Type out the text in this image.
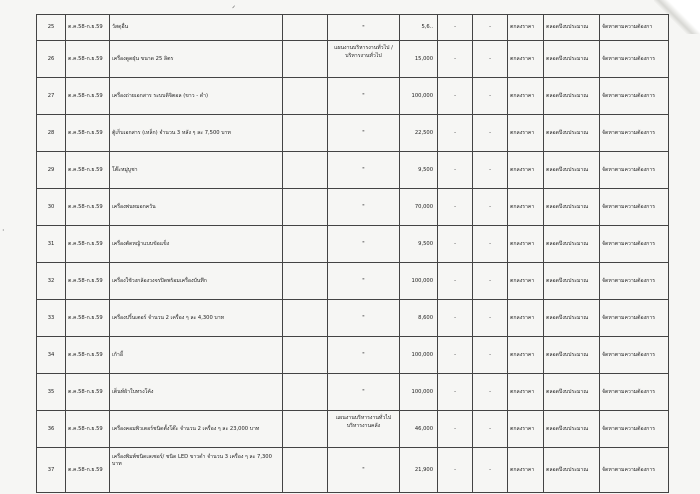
ᐟ
·
25	ต.ค.58-ก.ย.59	วัสดุอื่น		"	5,6..	-	-	ตกลงราคา	ตลอดปีงบประมาณ	จัดหาตามความต้องกา
26	ต.ค.58-ก.ย.59	เครื่องดูดฝุ่น ขนาด 25 ลิตร		แผนงานบริหารงานทั่วไป /บริหารงานทั่วไป	15,000	-	-	ตกลงราคา	ตลอดปีงบประมาณ	จัดหาตามความต้องการ
27	ต.ค.58-ก.ย.59	เครื่องถ่ายเอกสาร ระบบดิจิตอล (ขาว - ดำ)		"	100,000	-	-	ตกลงราคา	ตลอดปีงบประมาณ	จัดหาตามความต้องการ
28	ต.ค.58-ก.ย.59	ตู้เก็บเอกสาร (เหล็ก) จำนวน 3 หลัง ๆ ละ 7,500 บาท		"	22,500	-	-	ตกลงราคา	ตลอดปีงบประมาณ	จัดหาตามความต้องการ
29	ต.ค.58-ก.ย.59	โต๊ะหมู่บูชา		"	9,500	-	-	ตกลงราคา	ตลอดปีงบประมาณ	จัดหาตามความต้องการ
30	ต.ค.58-ก.ย.59	เครื่องพ่นหมอกควัน		"	70,000	-	-	ตกลงราคา	ตลอดปีงบประมาณ	จัดหาตามความต้องการ
31	ต.ค.58-ก.ย.59	เครื่องตัดหญ้าแบบข้อแข็ง		"	9,500	-	-	ตกลงราคา	ตลอดปีงบประมาณ	จัดหาตามความต้องการ
32	ต.ค.58-ก.ย.59	เครื่องใช้วงกล้องวงจรปิดพร้อมเครื่องบันทึก		"	100,000	-	-	ตกลงราคา	ตลอดปีงบประมาณ	จัดหาตามความต้องการ
33	ต.ค.58-ก.ย.59	เครื่องปริ้นเตอร์ จำนวน 2 เครื่อง ๆ ละ 4,300 บาท		"	8,600	-	-	ตกลงราคา	ตลอดปีงบประมาณ	จัดหาตามความต้องการ
34	ต.ค.58-ก.ย.59	เก้าอี้		"	100,000	-	-	ตกลงราคา	ตลอดปีงบประมาณ	จัดหาตามความต้องการ
35	ต.ค.58-ก.ย.59	เต็นท์ผ้าใบทรงโค้ง		"	100,000	-	-	ตกลงราคา	ตลอดปีงบประมาณ	จัดหาตามความต้องการ
36	ต.ค.58-ก.ย.59	เครื่องคอมพิวเตอร์ชนิดตั้งโต๊ะ จำนวน 2 เครื่อง ๆ ละ 23,000 บาท		แผนงานบริหารงานทั่วไป บริหารงานคลัง	46,000	-	-	ตกลงราคา	ตลอดปีงบประมาณ	จัดหาตามความต้องการ
37	ต.ค.58-ก.ย.59	เครื่องพิมพ์ชนิดเลเซอร์/ ชนิด LED ขาวดำ จำนวน 3 เครื่อง ๆ ละ 7,300 บาท		"	21,900	-	-	ตกลงราคา	ตลอดปีงบประมาณ	จัดหาตามความต้องการ
